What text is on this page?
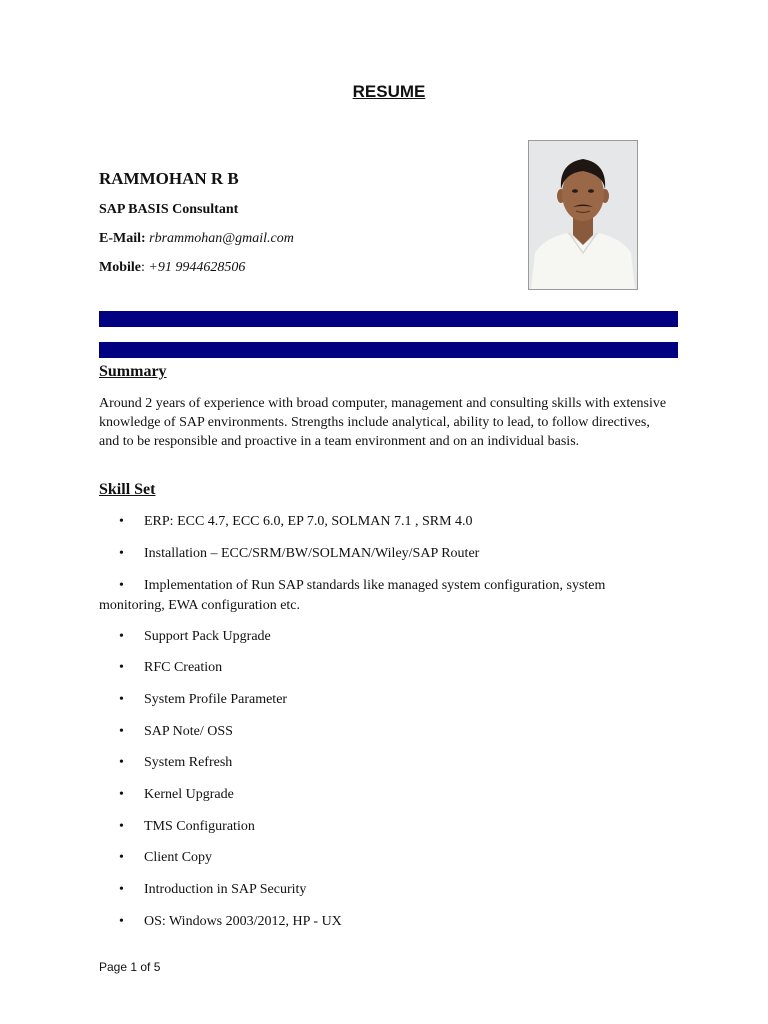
RESUME
RAMMOHAN R B
SAP BASIS Consultant
E-Mail: rbrammohan@gmail.com
Mobile: +91 9944628506
Summary
Around 2 years of experience with broad computer, management and consulting skills with extensive knowledge of SAP environments. Strengths include analytical, ability to lead, to follow directives, and to be responsible and proactive in a team environment and on an individual basis.
Skill Set
•	ERP: ECC 4.7, ECC 6.0, EP 7.0, SOLMAN 7.1 , SRM 4.0
•	Installation – ECC/SRM/BW/SOLMAN/Wiley/SAP Router
•	Implementation of Run SAP standards like managed system configuration, system monitoring, EWA configuration etc.
•	Support Pack Upgrade
•	RFC Creation
•	System Profile Parameter
•	SAP Note/ OSS
•	System Refresh
•	Kernel Upgrade
•	TMS Configuration
•	Client Copy
•	Introduction in SAP Security
•	OS: Windows 2003/2012, HP - UX
Page 1 of 5
